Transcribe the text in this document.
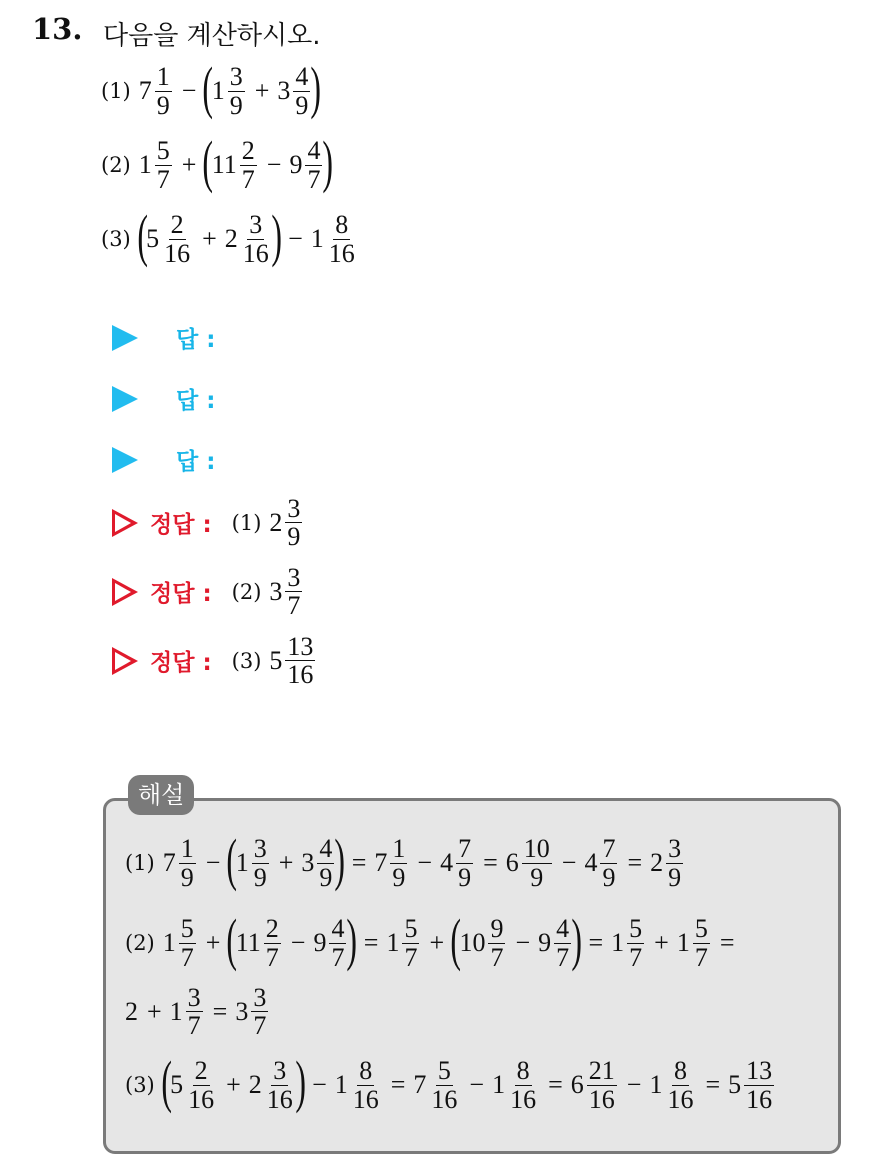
13. 다음을 계산하시오.
(1) $7 \frac{1}{9}$ − (
$1 \frac{3}{9} + 3 \frac{4}{9}$ )
(2) $1 \frac{5}{7}$ + (
$11 \frac{2}{7} - 9 \frac{4}{7}$ )
(3) (
$5 \frac{2}{16} + 2 \frac{3}{16}$ ) − $1 \frac{8}{16}$
답 :
답 :
답 :
정답 : (1) $2 \frac{3}{9}$
정답 : (2) $3 \frac{3}{7}$
정답 : (3) $5 \frac{13}{16}$
해설
(1) $7 \frac{1}{9}$ − (
$1 \frac{3}{9} + 3 \frac{4}{9}$ ) = $7 \frac{1}{9} - 4 \frac{7}{9} = 6 \frac{10}{9} - 4 \frac{7}{9} = 2 \frac{3}{9}$
(2) $1 \frac{5}{7}$ + (
$11 \frac{2}{7} - 9 \frac{4}{7}$ ) = $1 \frac{5}{7}$ + (
$10 \frac{9}{7} - 9 \frac{4}{7}$ ) = $1 \frac{5}{7} + 1 \frac{5}{7}$ =
$2 + 1 \frac{3}{7} = 3 \frac{3}{7}$
(3) (
$5 \frac{2}{16} + 2 \frac{3}{16}$ ) − $1 \frac{8}{16} = 7 \frac{5}{16} - 1 \frac{8}{16} = 6 \frac{21}{16} - 1 \frac{8}{16} = 5 \frac{13}{16}$
